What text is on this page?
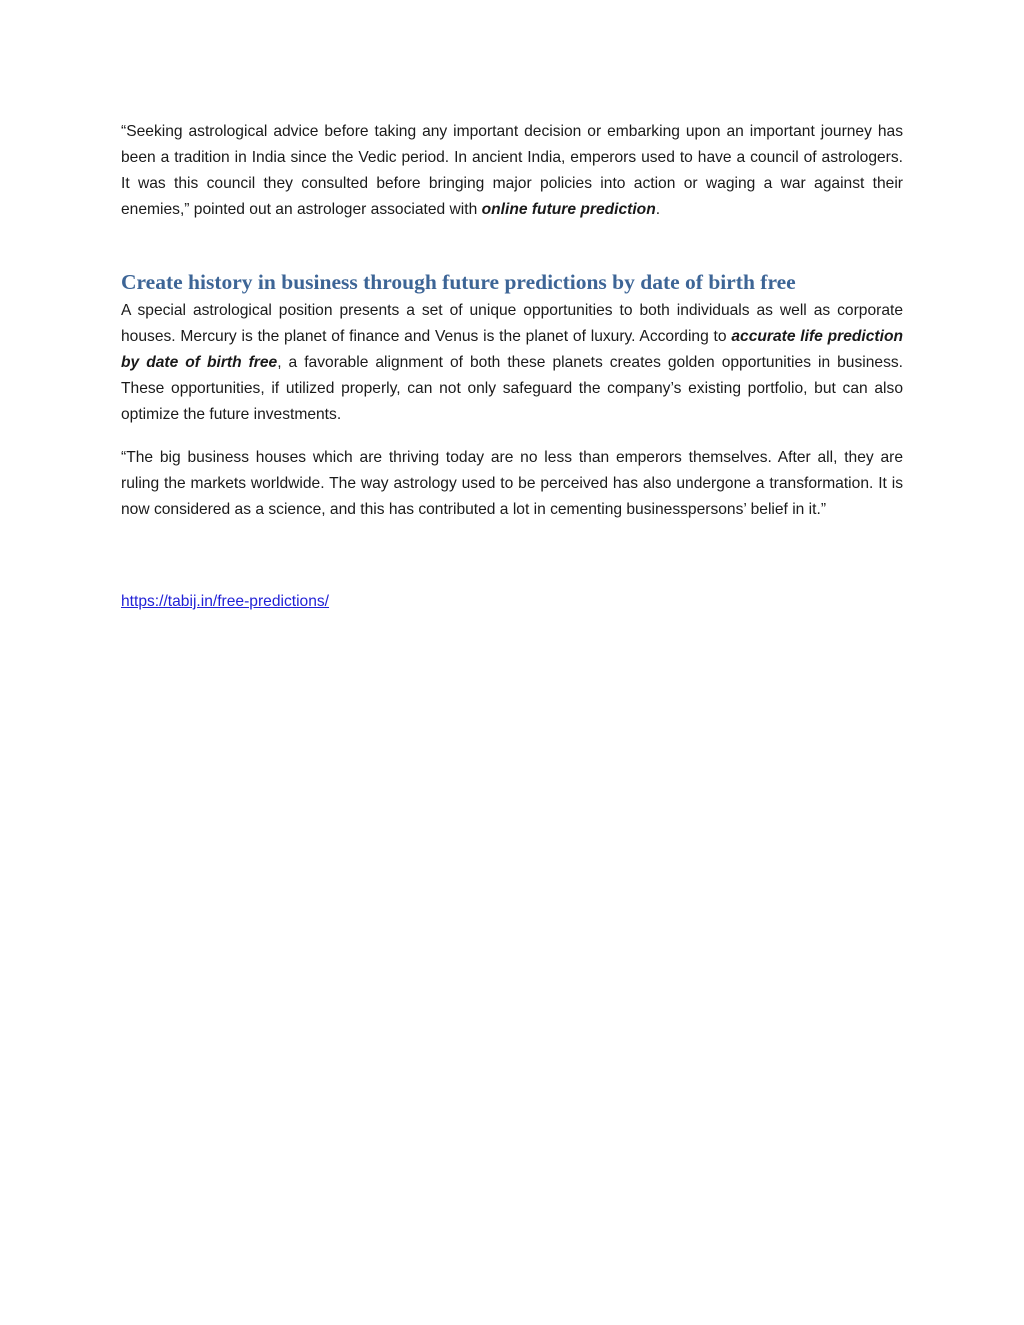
“Seeking astrological advice before taking any important decision or embarking upon an important journey has been a tradition in India since the Vedic period. In ancient India, emperors used to have a council of astrologers. It was this council they consulted before bringing major policies into action or waging a war against their enemies,” pointed out an astrologer associated with online future prediction.

Create history in business through future predictions by date of birth free

A special astrological position presents a set of unique opportunities to both individuals as well as corporate houses. Mercury is the planet of finance and Venus is the planet of luxury. According to accurate life prediction by date of birth free, a favorable alignment of both these planets creates golden opportunities in business. These opportunities, if utilized properly, can not only safeguard the company’s existing portfolio, but can also optimize the future investments.

“The big business houses which are thriving today are no less than emperors themselves. After all, they are ruling the markets worldwide. The way astrology used to be perceived has also undergone a transformation. It is now considered as a science, and this has contributed a lot in cementing businesspersons’ belief in it.”

https://tabij.in/free-predictions/
